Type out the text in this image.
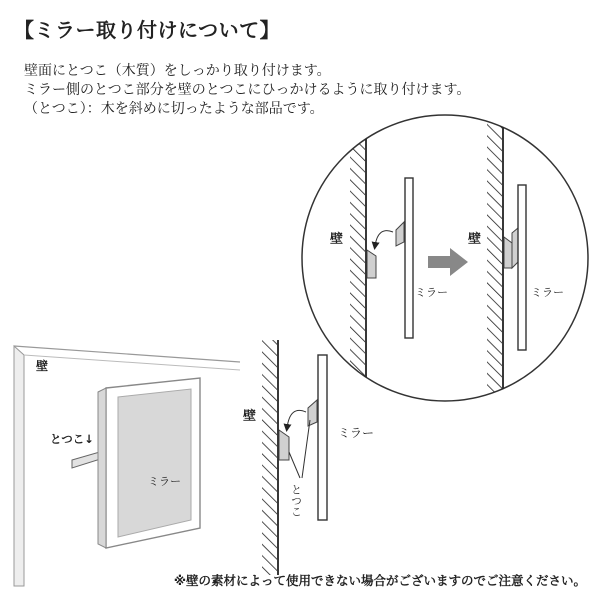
【ミラー取り付けについて】
壁面にとつこ（木質）をしっかり取り付けます。
ミラー側のとつこ部分を壁のとつこにひっかけるように取り付けます。
（とつこ）：木を斜めに切ったような部品です。
壁
ミラー
壁
ミラー
壁
とつこ↓
ミラー
壁
ミラー
とつこ
※壁の素材によって使用できない場合がございますのでご注意ください。
